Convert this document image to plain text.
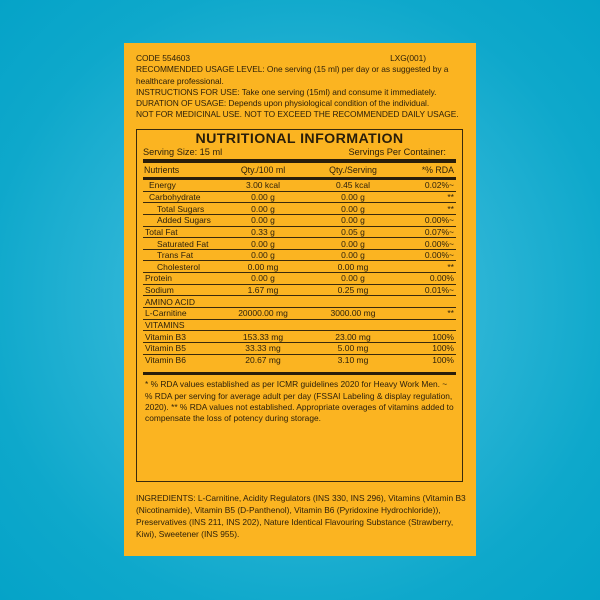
CODE 554603	LXG(001)
RECOMMENDED USAGE LEVEL: One serving (15 ml) per day or as suggested by a healthcare professional.
INSTRUCTIONS FOR USE: Take one serving (15ml) and consume it immediately.
DURATION OF USAGE: Depends upon physiological condition of the individual.
NOT FOR MEDICINAL USE. NOT TO EXCEED THE RECOMMENDED DAILY USAGE.
NUTRITIONAL INFORMATION
Serving Size: 15 ml	Servings Per Container:
Nutrients	Qty./100 ml	Qty./Serving	*% RDA
Energy	3.00 kcal	0.45 kcal	0.02%~
Carbohydrate	0.00 g	0.00 g	**
Total Sugars	0.00 g	0.00 g	**
Added Sugars	0.00 g	0.00 g	0.00%~
Total Fat	0.33 g	0.05 g	0.07%~
Saturated Fat	0.00 g	0.00 g	0.00%~
Trans Fat	0.00 g	0.00 g	0.00%~
Cholesterol	0.00 mg	0.00 mg	**
Protein	0.00 g	0.00 g	0.00%
Sodium	1.67 mg	0.25 mg	0.01%~
AMINO ACID
L-Carnitine	20000.00 mg	3000.00 mg	**
VITAMINS
Vitamin B3	153.33 mg	23.00 mg	100%
Vitamin B5	33.33 mg	5.00 mg	100%
Vitamin B6	20.67 mg	3.10 mg	100%
* % RDA values established as per ICMR guidelines 2020 for Heavy Work Men. ~ % RDA per serving for average adult per day (FSSAI Labeling & display regulation, 2020). ** % RDA values not established. Appropriate overages of vitamins added to compensate the loss of potency during storage.
INGREDIENTS: L-Carnitine, Acidity Regulators (INS 330, INS 296), Vitamins (Vitamin B3 (Nicotinamide), Vitamin B5 (D-Panthenol), Vitamin B6 (Pyridoxine Hydrochloride)), Preservatives (INS 211, INS 202), Nature Identical Flavouring Substance (Strawberry, Kiwi), Sweetener (INS 955).
